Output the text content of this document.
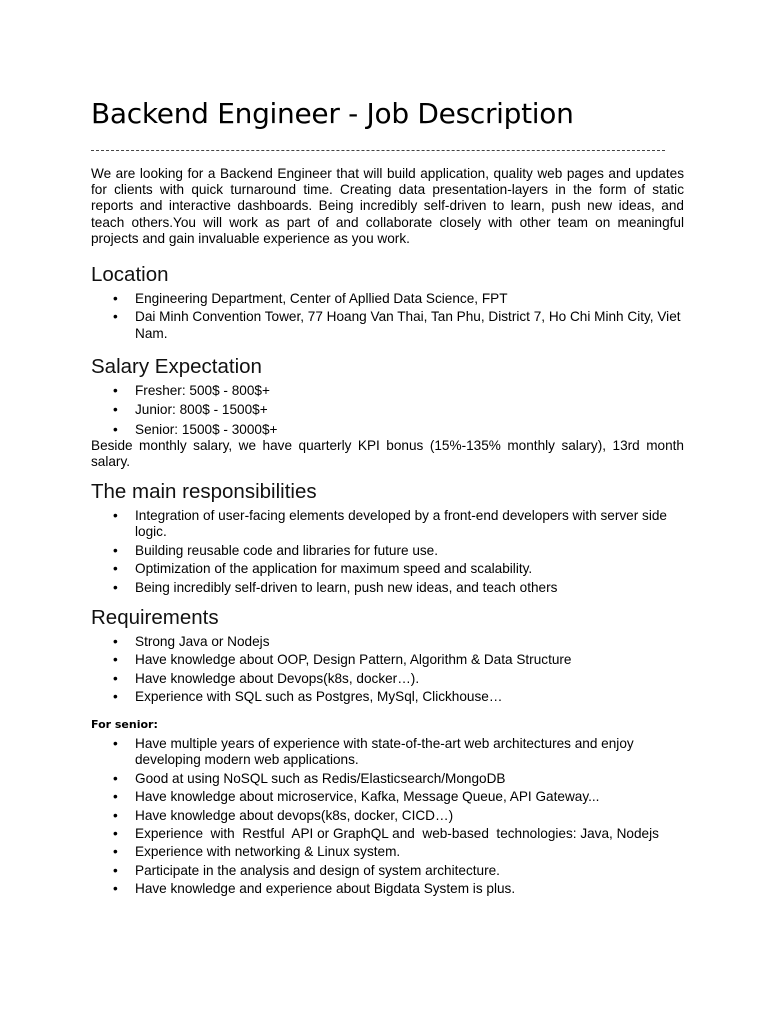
Backend Engineer - Job Description

We are looking for a Backend Engineer that will build application, quality web pages and updates for clients with quick turnaround time. Creating data presentation-layers in the form of static reports and interactive dashboards. Being incredibly self-driven to learn, push new ideas, and teach others.You will work as part of and collaborate closely with other team on meaningful projects and gain invaluable experience as you work.

Location
• Engineering Department, Center of Apllied Data Science, FPT
• Dai Minh Convention Tower, 77 Hoang Van Thai, Tan Phu, District 7, Ho Chi Minh City, Viet Nam.
Salary Expectation
• Fresher: 500$ - 800$+
• Junior: 800$ - 1500$+
• Senior: 1500$ - 3000$+

Beside monthly salary, we have quarterly KPI bonus (15%-135% monthly salary), 13rd month salary.

The main responsibilities
• Integration of user-facing elements developed by a front-end developers with server side logic.
• Building reusable code and libraries for future use.
• Optimization of the application for maximum speed and scalability.
• Being incredibly self-driven to learn, push new ideas, and teach others
Requirements
• Strong Java or Nodejs
• Have knowledge about OOP, Design Pattern, Algorithm & Data Structure
• Have knowledge about Devops(k8s, docker…).
• Experience with SQL such as Postgres, MySql, Clickhouse…

For senior:

• Have multiple years of experience with state-of-the-art web architectures and enjoy developing modern web applications.
• Good at using NoSQL such as Redis/Elasticsearch/MongoDB
• Have knowledge about microservice, Kafka, Message Queue, API Gateway...
• Have knowledge about devops(k8s, docker, CICD…)
• Experience  with  Restful  API or GraphQL and  web-based  technologies: Java, Nodejs
• Experience with networking & Linux system.
• Participate in the analysis and design of system architecture.
• Have knowledge and experience about Bigdata System is plus.
